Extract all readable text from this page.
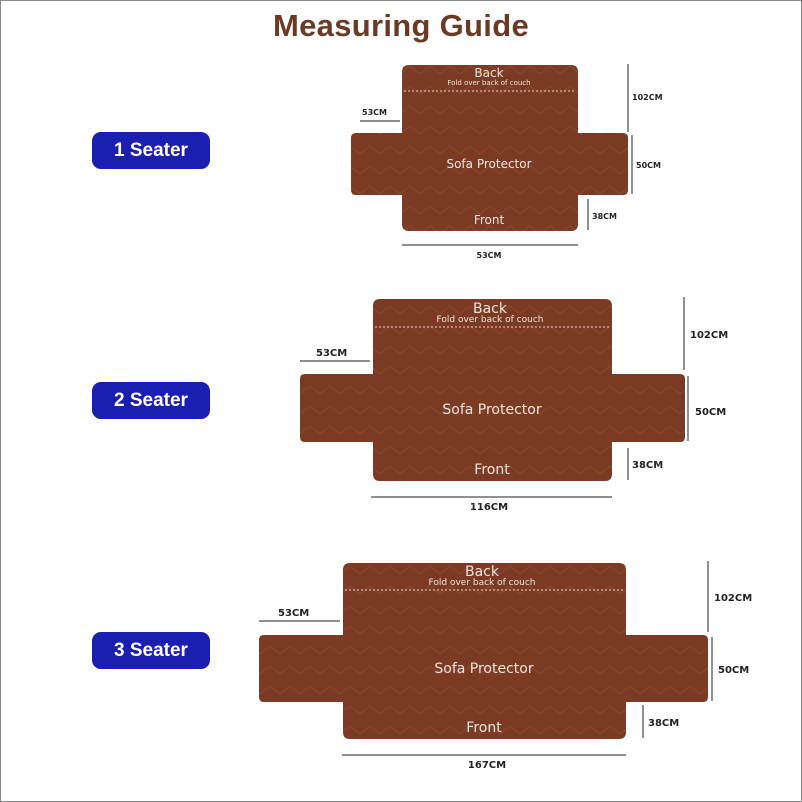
Measuring Guide
1 Seater
2 Seater
3 Seater
Back
Fold over back of couch
Sofa Protector
Front
53CM
102CM
50CM
38CM
53CM
Back
Fold over back of couch
Sofa Protector
Front
53CM
102CM
50CM
38CM
116CM
Back
Fold over back of couch
Sofa Protector
Front
53CM
102CM
50CM
38CM
167CM
